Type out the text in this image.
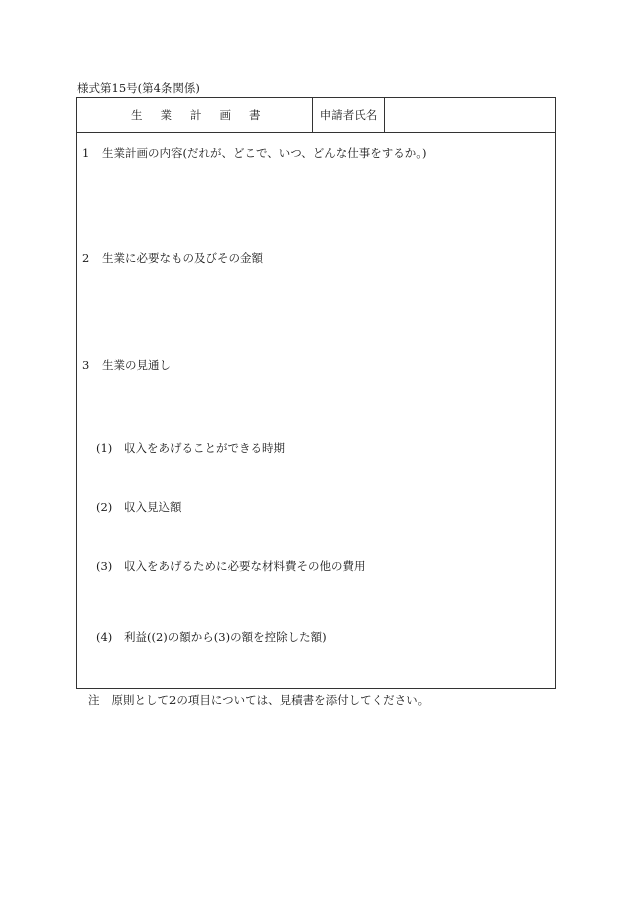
様式第15号(第4条関係)
生業計画書	申請者氏名
1 生業計画の内容(だれが、どこで、いつ、どんな仕事をするか。)
2 生業に必要なもの及びその金額
3 生業の見通し
(1) 収入をあげることができる時期
(2) 収入見込額
(3) 収入をあげるために必要な材料費その他の費用
(4) 利益((2)の額から(3)の額を控除した額)
注 原則として2の項目については、見積書を添付してください。
